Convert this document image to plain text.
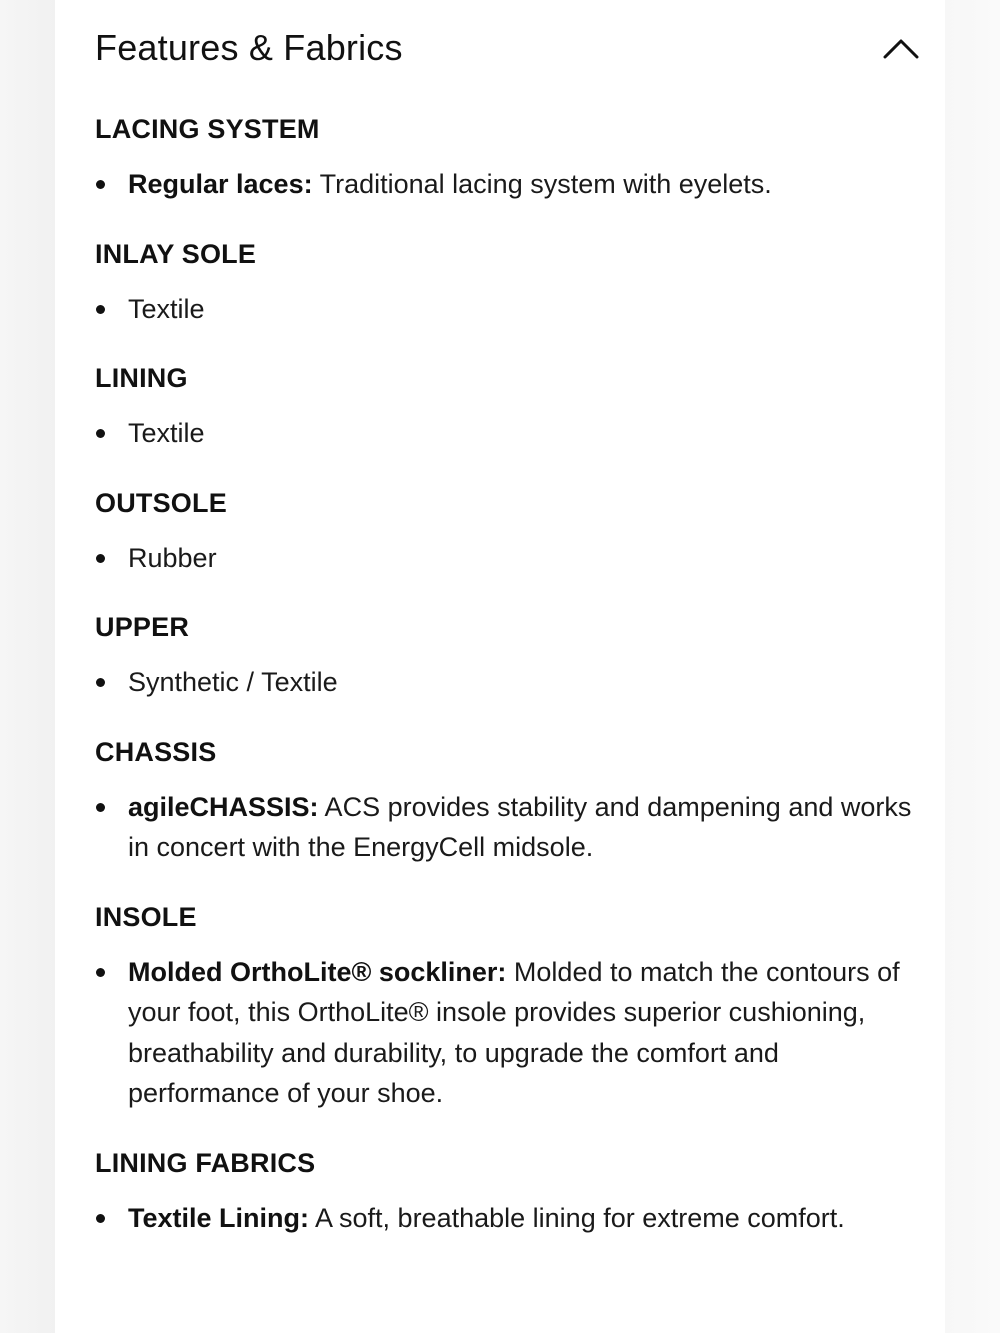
Features & Fabrics
LACING SYSTEM
Regular laces: Traditional lacing system with eyelets.
INLAY SOLE
Textile
LINING
Textile
OUTSOLE
Rubber
UPPER
Synthetic / Textile
CHASSIS
agileCHASSIS: ACS provides stability and dampening and works in concert with the EnergyCell midsole.
INSOLE
Molded OrthoLite® sockliner: Molded to match the contours of your foot, this OrthoLite® insole provides superior cushioning, breathability and durability, to upgrade the comfort and performance of your shoe.
LINING FABRICS
Textile Lining: A soft, breathable lining for extreme comfort.
